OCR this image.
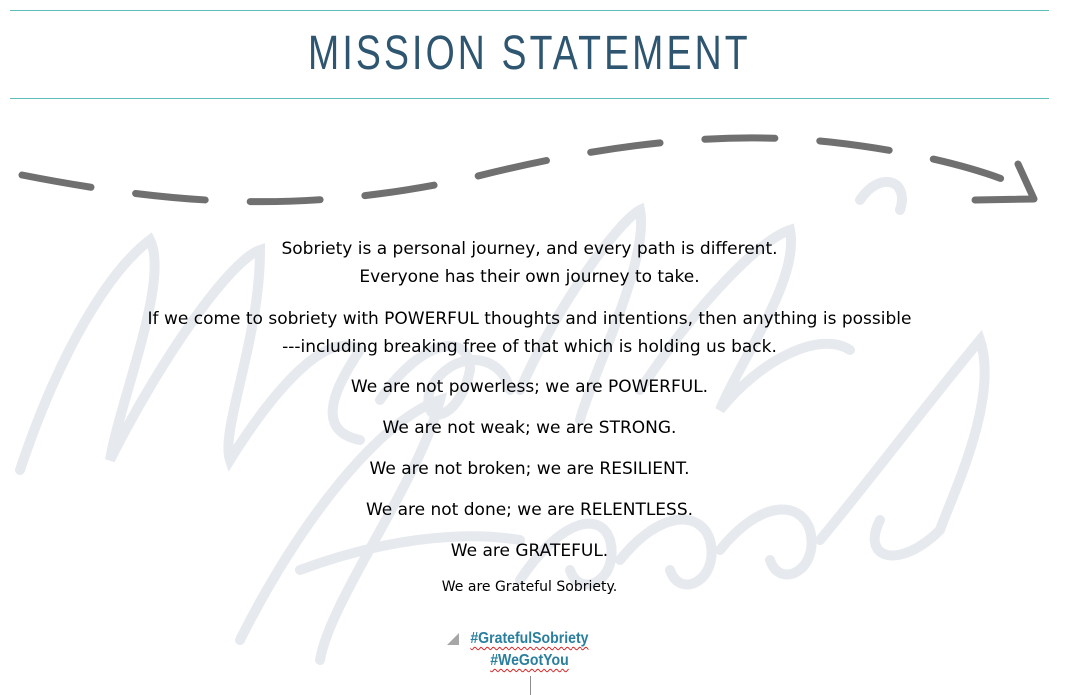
MISSION STATEMENT
Sobriety is a personal journey, and every path is different.
Everyone has their own journey to take.
If we come to sobriety with POWERFUL thoughts and intentions, then anything is possible
---including breaking free of that which is holding us back.
We are not powerless; we are POWERFUL.
We are not weak; we are STRONG.
We are not broken; we are RESILIENT.
We are not done; we are RELENTLESS.
We are GRATEFUL.
We are Grateful Sobriety.
#GratefulSobriety
#WeGotYou
